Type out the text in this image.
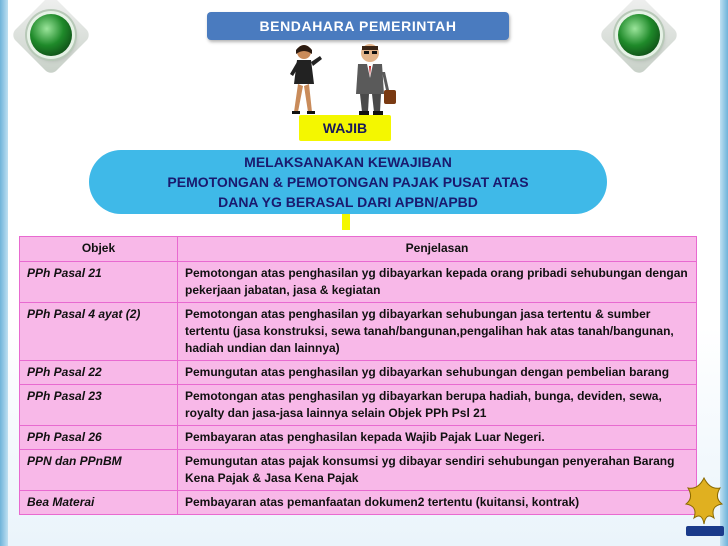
BENDAHARA PEMERINTAH
WAJIB
MELAKSANAKAN KEWAJIBAN
PEMOTONGAN & PEMOTONGAN PAJAK PUSAT ATAS
DANA YG BERASAL DARI APBN/APBD
Objek	Penjelasan
PPh Pasal 21	Pemotongan atas penghasilan yg dibayarkan kepada orang pribadi sehubungan dengan pekerjaan jabatan, jasa & kegiatan
PPh Pasal 4 ayat (2)	Pemotongan atas penghasilan yg dibayarkan sehubungan jasa tertentu & sumber tertentu (jasa konstruksi, sewa tanah/bangunan,pengalihan hak atas tanah/bangunan, hadiah undian dan lainnya)
PPh Pasal 22	Pemungutan atas penghasilan yg dibayarkan sehubungan dengan pembelian barang
PPh Pasal 23	Pemotongan atas penghasilan yg dibayarkan berupa hadiah, bunga, deviden, sewa, royalty dan jasa-jasa lainnya selain Objek PPh Psl 21
PPh Pasal 26	Pembayaran atas penghasilan kepada Wajib Pajak Luar Negeri.
PPN dan PPnBM	Pemungutan atas pajak konsumsi yg dibayar sendiri sehubungan penyerahan Barang Kena Pajak & Jasa Kena Pajak
Bea Materai	Pembayaran atas pemanfaatan dokumen2 tertentu (kuitansi, kontrak)
